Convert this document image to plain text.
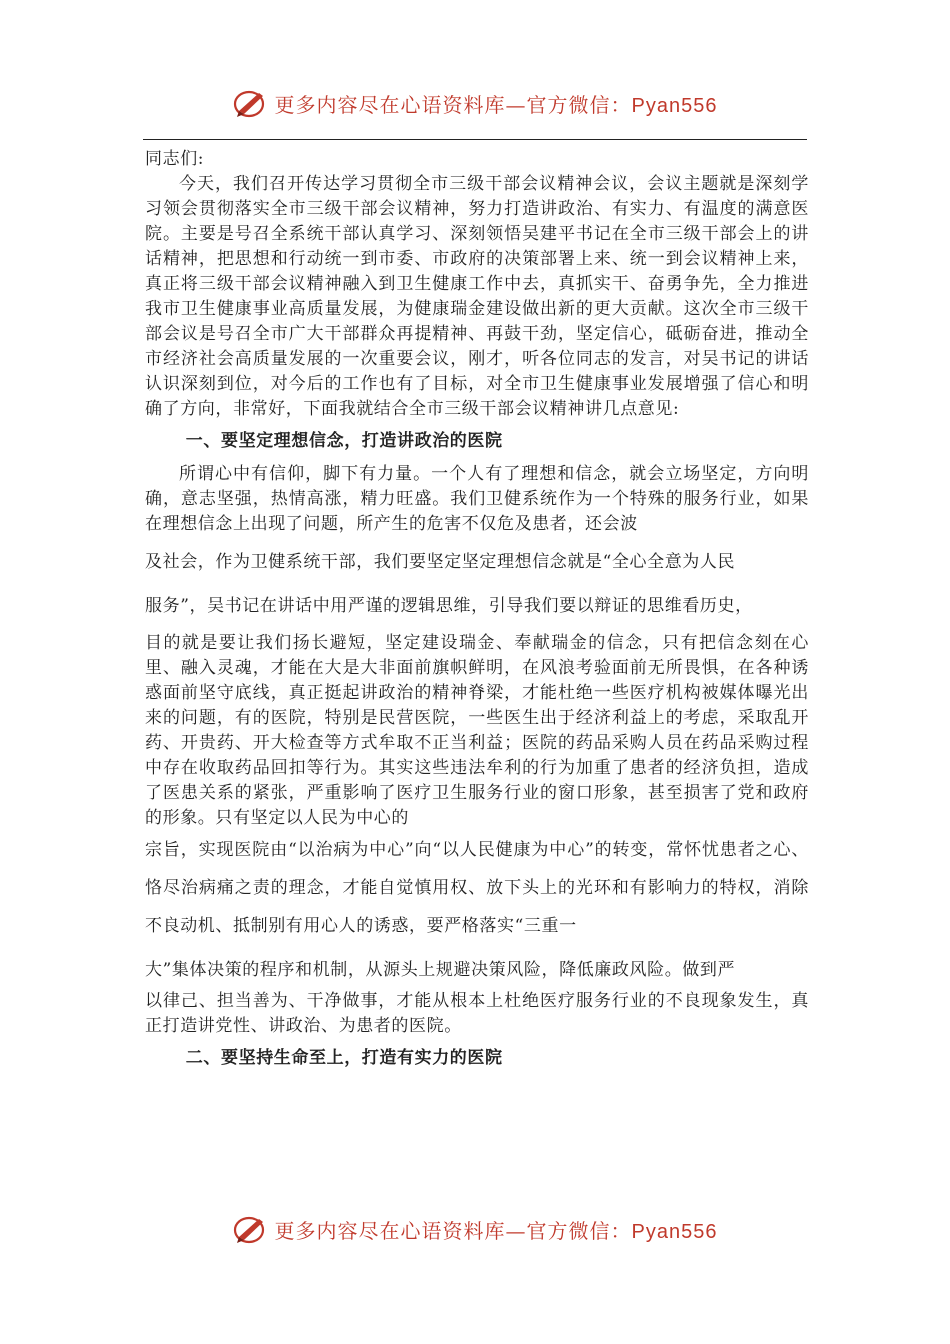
更多内容尽在心语资料库—官方微信：Pyan556

同志们:

今天，我们召开传达学习贯彻全市三级干部会议精神会议，会议主题就是深刻学习领会贯彻落实全市三级干部会议精神，努力打造讲政治、有实力、有温度的满意医院。主要是号召全系统干部认真学习、深刻领悟吴建平书记在全市三级干部会上的讲话精神，把思想和行动统一到市委、市政府的决策部署上来、统一到会议精神上来，真正将三级干部会议精神融入到卫生健康工作中去，真抓实干、奋勇争先，全力推进我市卫生健康事业高质量发展，为健康瑞金建设做出新的更大贡献。这次全市三级干部会议是号召全市广大干部群众再提精神、再鼓干劲，坚定信心，砥砺奋进，推动全市经济社会高质量发展的一次重要会议，刚才，听各位同志的发言，对吴书记的讲话认识深刻到位，对今后的工作也有了目标，对全市卫生健康事业发展增强了信心和明确了方向，非常好，下面我就结合全市三级干部会议精神讲几点意见:

一、要坚定理想信念，打造讲政治的医院

所谓心中有信仰，脚下有力量。一个人有了理想和信念，就会立场坚定，方向明确，意志坚强，热情高涨，精力旺盛。我们卫健系统作为一个特殊的服务行业，如果在理想信念上出现了问题，所产生的危害不仅危及患者，还会波

及社会，作为卫健系统干部，我们要坚定坚定理想信念就是“全心全意为人民

服务”，吴书记在讲话中用严谨的逻辑思维，引导我们要以辩证的思维看历史，

目的就是要让我们扬长避短，坚定建设瑞金、奉献瑞金的信念，只有把信念刻在心里、融入灵魂，才能在大是大非面前旗帜鲜明，在风浪考验面前无所畏惧，在各种诱惑面前坚守底线，真正挺起讲政治的精神脊梁，才能杜绝一些医疗机构被媒体曝光出来的问题，有的医院，特别是民营医院，一些医生出于经济利益上的考虑，采取乱开药、开贵药、开大检查等方式牟取不正当利益；医院的药品采购人员在药品采购过程中存在收取药品回扣等行为。其实这些违法牟利的行为加重了患者的经济负担，造成了医患关系的紧张，严重影响了医疗卫生服务行业的窗口形象，甚至损害了党和政府的形象。只有坚定以人民为中心的

宗旨，实现医院由“以治病为中心”向“以人民健康为中心”的转变，常怀忧患者之心、恪尽治病痛之责的理念，才能自觉慎用权、放下头上的光环和有影响力的特权，消除不良动机、抵制别有用心人的诱惑，要严格落实“三重一

大”集体决策的程序和机制，从源头上规避决策风险，降低廉政风险。做到严

以律己、担当善为、干净做事，才能从根本上杜绝医疗服务行业的不良现象发生，真正打造讲党性、讲政治、为患者的医院。

二、要坚持生命至上，打造有实力的医院

更多内容尽在心语资料库—官方微信：Pyan556
